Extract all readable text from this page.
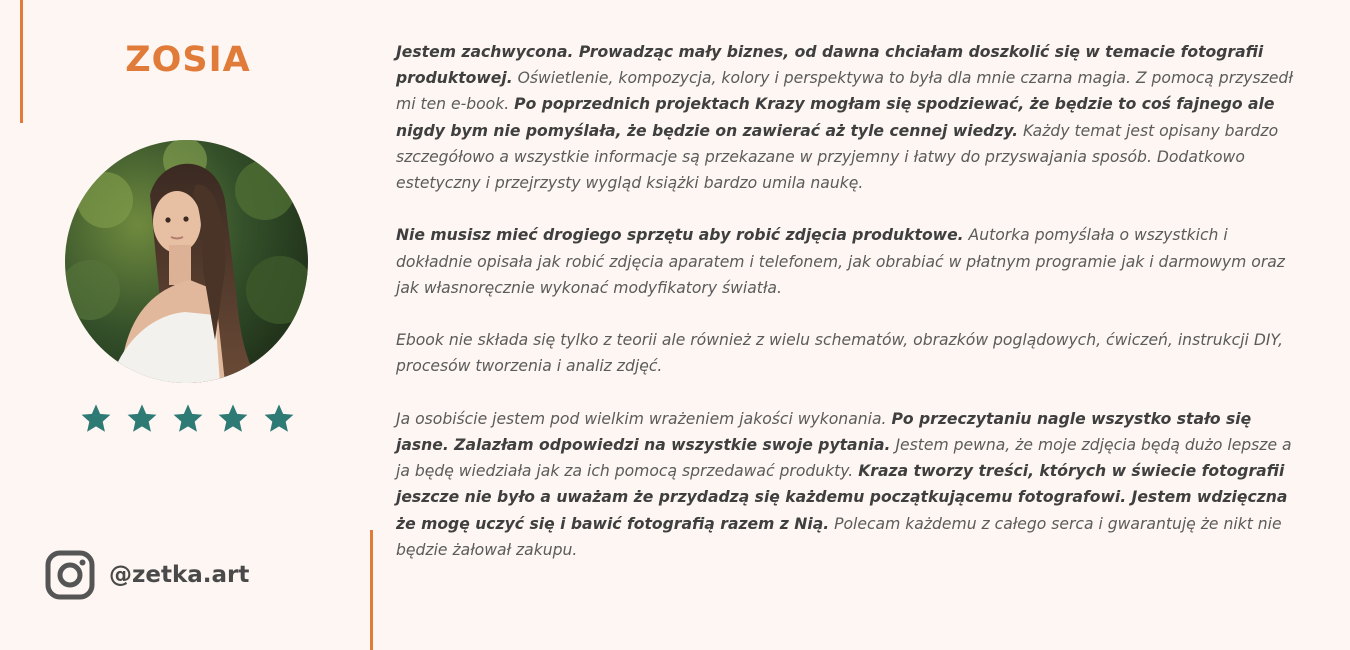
ZOSIA
@zetka.art

Jestem zachwycona. Prowadząc mały biznes, od dawna chciałam doszkolić się w temacie fotografii produktowej. Oświetlenie, kompozycja, kolory i perspektywa to była dla mnie czarna magia. Z pomocą przyszedł mi ten e-book. Po poprzednich projektach Krazy mogłam się spodziewać, że będzie to coś fajnego ale nigdy bym nie pomyślała, że będzie on zawierać aż tyle cennej wiedzy. Każdy temat jest opisany bardzo szczegółowo a wszystkie informacje są przekazane w przyjemny i łatwy do przyswajania sposób. Dodatkowo estetyczny i przejrzysty wygląd książki bardzo umila naukę.

Nie musisz mieć drogiego sprzętu aby robić zdjęcia produktowe. Autorka pomyślała o wszystkich i dokładnie opisała jak robić zdjęcia aparatem i telefonem, jak obrabiać w płatnym programie jak i darmowym oraz jak własnoręcznie wykonać modyfikatory światła.

Ebook nie składa się tylko z teorii ale również z wielu schematów, obrazków poglądowych, ćwiczeń, instrukcji DIY, procesów tworzenia i analiz zdjęć.

Ja osobiście jestem pod wielkim wrażeniem jakości wykonania. Po przeczytaniu nagle wszystko stało się jasne. Zalazłam odpowiedzi na wszystkie swoje pytania. Jestem pewna, że moje zdjęcia będą dużo lepsze a ja będę wiedziała jak za ich pomocą sprzedawać produkty. Kraza tworzy treści, których w świecie fotografii jeszcze nie było a uważam że przydadzą się każdemu początkującemu fotografowi. Jestem wdzięczna że mogę uczyć się i bawić fotografią razem z Nią. Polecam każdemu z całego serca i gwarantuję że nikt nie będzie żałował zakupu.
